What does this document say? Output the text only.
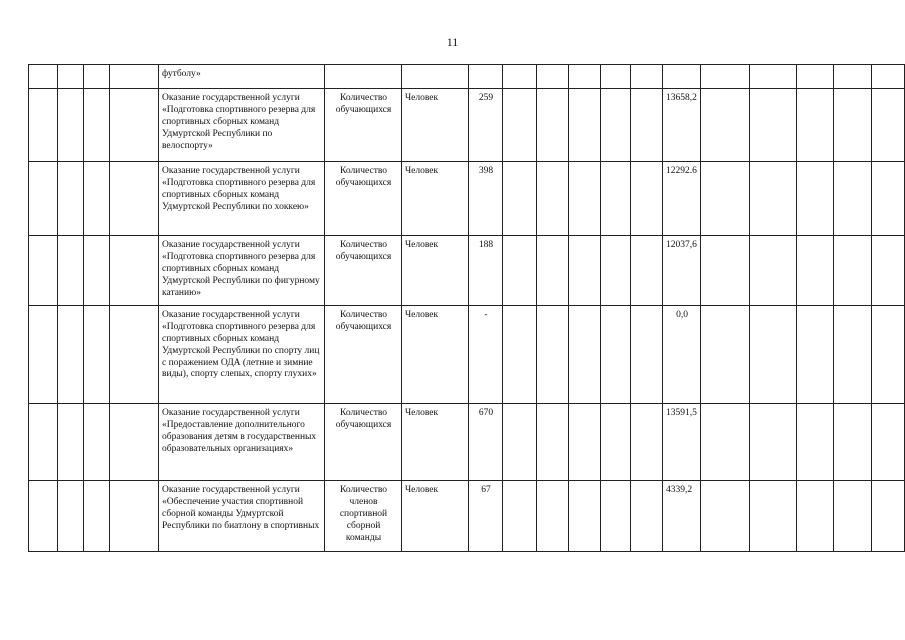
11
				футболу»														
				Оказание государственной услуги «Подготовка спортивного резерва для спортивных сборных команд Удмуртской Республики по велоспорту»	Количество обучающихся	Человек	259						13658,2					
				Оказание государственной услуги «Подготовка спортивного резерва для спортивных сборных команд Удмуртской Республики по хоккею»	Количество обучающихся	Человек	398						12292.6					
				Оказание государственной услуги «Подготовка спортивного резерва для спортивных сборных команд Удмуртской Республики по фигурному катанию»	Количество обучающихся	Человек	188						12037,6					
				Оказание государственной услуги «Подготовка спортивного резерва для спортивных сборных команд Удмуртской Республики по спорту лиц с поражением ОДА (летние и зимние виды), спорту слепых, спорту глухих»	Количество обучающихся	Человек	-						0,0					
				Оказание государственной услуги «Предоставление дополнительного образования детям в государственных образовательных организациях»	Количество обучающихся	Человек	670						13591,5					
				Оказание государственной услуги «Обеспечение участия спортивной сборной команды Удмуртской Республики по биатлону в спортивных	Количество членов спортивной сборной команды	Человек	67						4339,2					
